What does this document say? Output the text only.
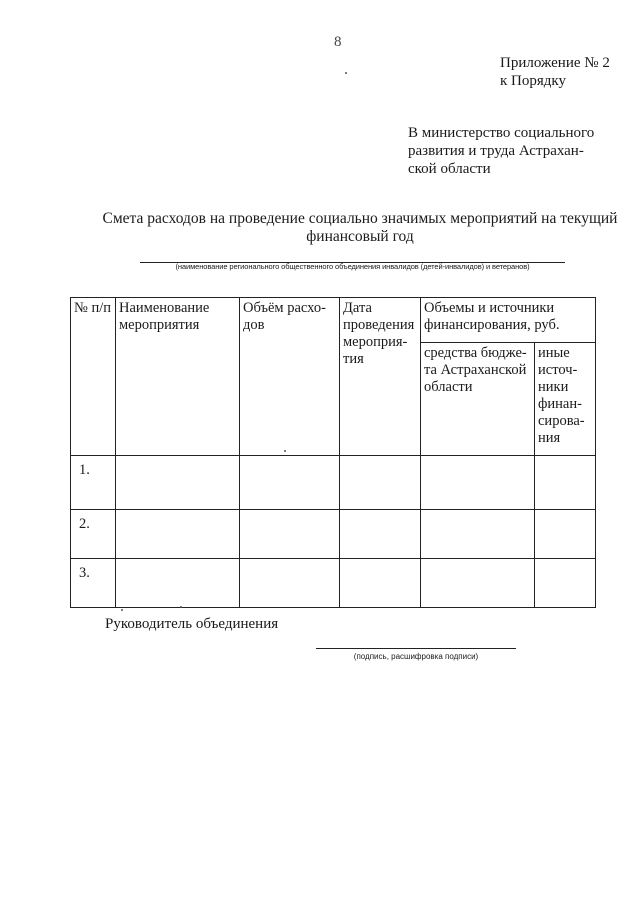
8
Приложение № 2
к Порядку
В министерство социального
развития и труда Астрахан-
ской области
Смета расходов на проведение социально значимых мероприятий на текущий
финансовый год
(наименование регионального общественного объединения инвалидов (детей-инвалидов) и ветеранов)
№ п/п	Наименование мероприятия	Объём расхо-дов	Дата проведения мероприя-тия	Объемы и источники финансирования, руб.	
				средства бюдже-та Астраханской области	иные источ-ники финан-сирова-ния
1.					
2.					
3.					
Руководитель объединения
(подпись, расшифровка подписи)
